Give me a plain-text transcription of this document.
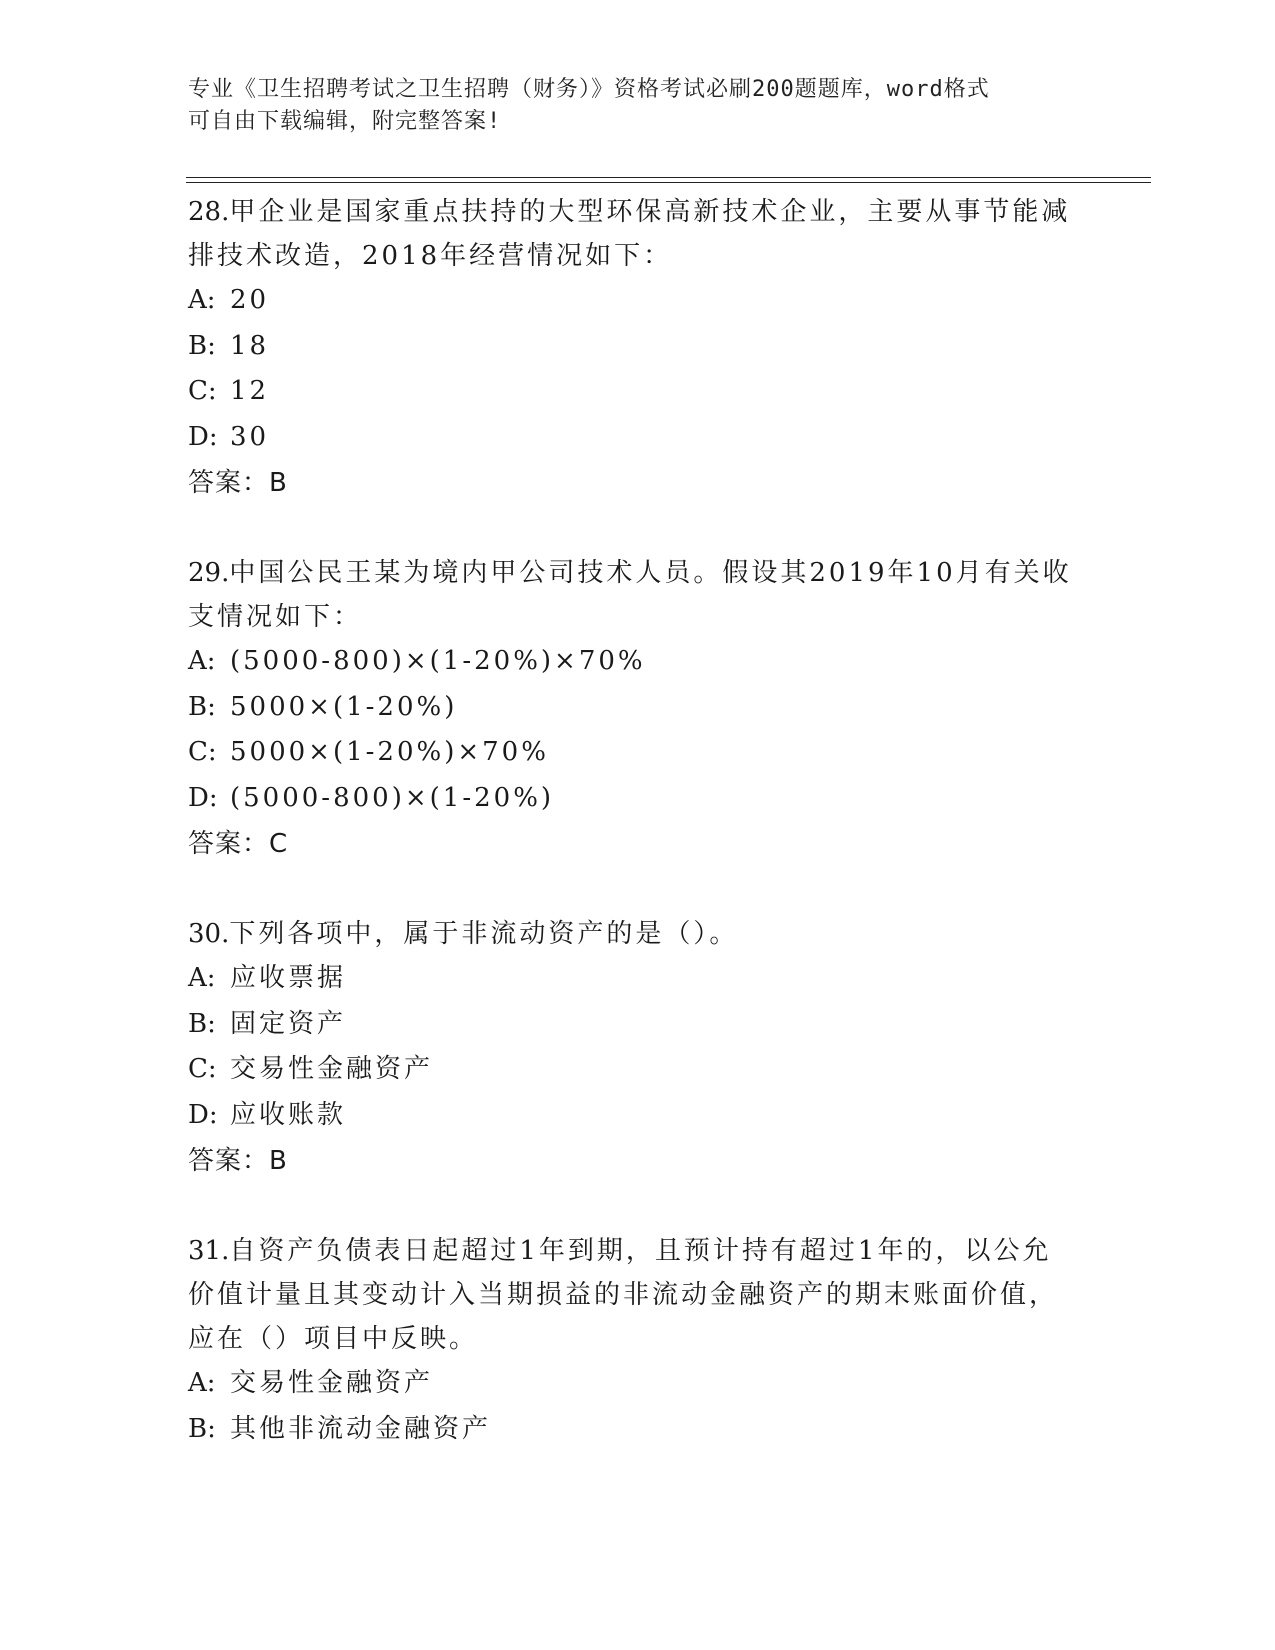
专业《卫生招聘考试之卫生招聘（财务）》资格考试必刷200题题库，word格式
可自由下载编辑，附完整答案!

28.甲企业是国家重点扶持的大型环保高新技术企业，主要从事节能减

排技术改造，2018年经营情况如下：

A: 20

B: 18

C: 12

D: 30

答案：B

29.中国公民王某为境内甲公司技术人员。假设其2019年10月有关收

支情况如下：

A: (5000-800)×(1-20%)×70%

B: 5000×(1-20%)

C: 5000×(1-20%)×70%

D: (5000-800)×(1-20%)

答案：C

30.下列各项中，属于非流动资产的是（）。

A: 应收票据

B: 固定资产

C: 交易性金融资产

D: 应收账款

答案：B

31.自资产负债表日起超过1年到期，且预计持有超过1年的，以公允

价值计量且其变动计入当期损益的非流动金融资产的期末账面价值，

应在（）项目中反映。

A: 交易性金融资产

B: 其他非流动金融资产
